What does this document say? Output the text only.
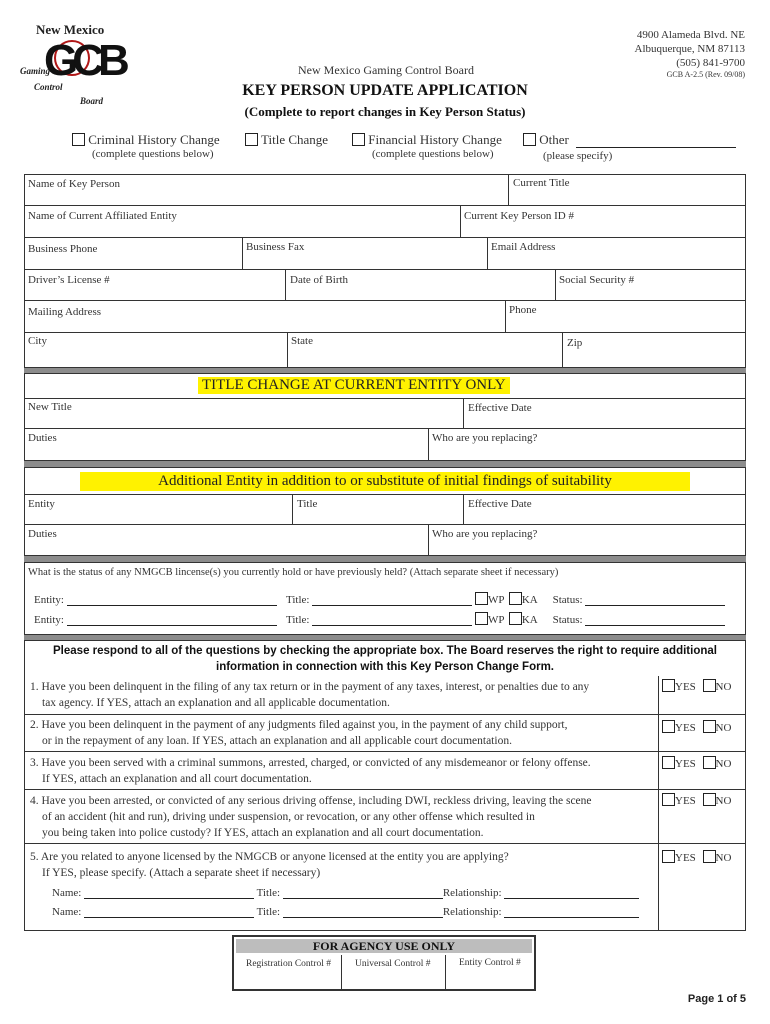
New Mexico
GCB
Gaming
Control
Board
4900 Alameda Blvd. NE
Albuquerque, NM 87113
(505) 841-9700
GCB A-2.5 (Rev. 09/08)
New Mexico Gaming Control Board
KEY PERSON UPDATE APPLICATION
(Complete to report changes in Key Person Status)
Criminal History Change
(complete questions below)
Title Change	Financial History Change
(complete questions below)
Other
(please specify)
Name of Key Person	Current Title
Name of Current Affiliated Entity	Current Key Person ID #
Business Phone	Business Fax	Email Address
Driver’s License #	Date of Birth	Social Security #
Mailing Address	Phone
City	State	Zip
TITLE CHANGE AT CURRENT ENTITY ONLY
New Title	Effective Date
Duties	Who are you replacing?
Additional Entity in addition to or substitute of initial findings of suitability
Entity	Title	Effective Date
Duties	Who are you replacing?
What is the status of any NMGCB lincense(s) you currently hold or have previously held? (Attach separate sheet if necessary)
Entity:	Title:	WP KA Status:
Entity:	Title:	WP KA Status:
Please respond to all of the questions by checking the appropriate box. The Board reserves the right to require additional
information in connection with this Key Person Change Form.
1. Have you been delinquent in the filing of any tax return or in the payment of any taxes, interest, or penalties due to any
tax agency. If YES, attach an explanation and all applicable documentation.
YES NO
2. Have you been delinquent in the payment of any judgments filed against you, in the payment of any child support,
or in the repayment of any loan. If YES, attach an explanation and all applicable court documentation.
YES NO
3. Have you been served with a criminal summons, arrested, charged, or convicted of any misdemeanor or felony offense.
If YES, attach an explanation and all court documentation.
YES NO
4. Have you been arrested, or convicted of any serious driving offense, including DWI, reckless driving, leaving the scene
of an accident (hit and run), driving under suspension, or revocation, or any other offense which resulted in
you being taken into police custody? If YES, attach an explanation and all court documentation.
YES NO
5. Are you related to anyone licensed by the NMGCB or anyone licensed at the entity you are applying?
If YES, please specify. (Attach a separate sheet if necessary)
YES NO
Name:	Title:	Relationship:
Name:	Title:	Relationship:
FOR AGENCY USE ONLY
Registration Control #	Universal Control #	Entity Control #
Page 1 of 5
